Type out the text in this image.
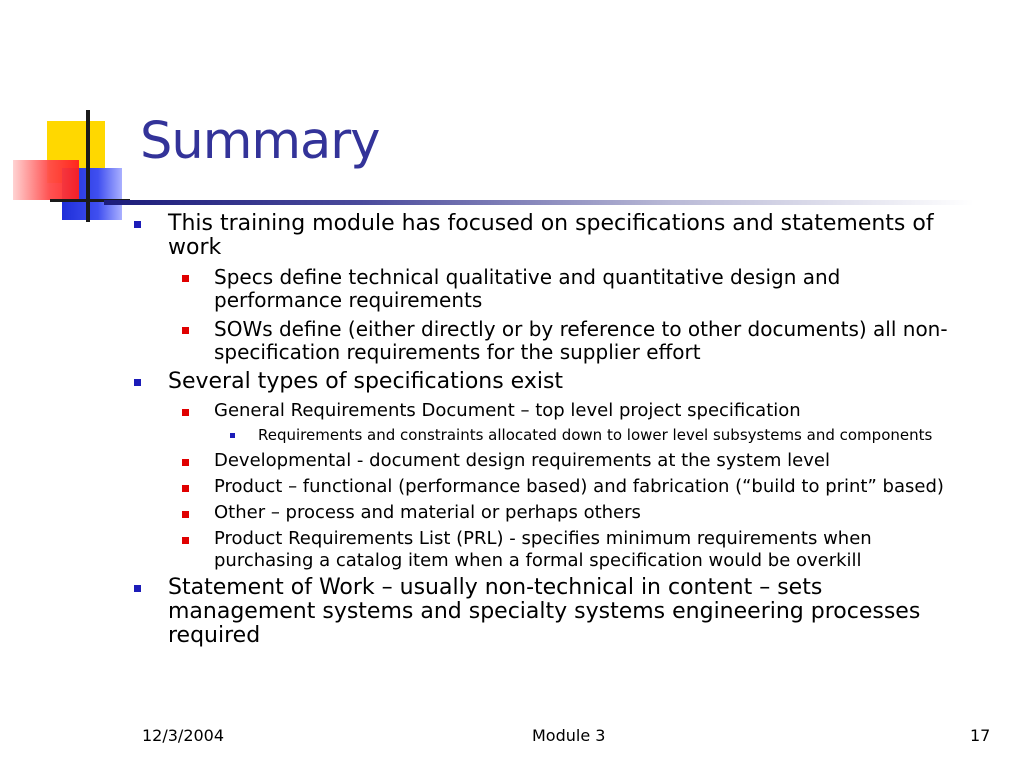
Summary
This training module has focused on specifications and statements of work
Specs define technical qualitative and quantitative design and performance requirements
SOWs define (either directly or by reference to other documents) all non-specification requirements for the supplier effort
Several types of specifications exist
General Requirements Document – top level project specification
Requirements and constraints allocated down to lower level subsystems and components
Developmental - document design requirements at the system level
Product – functional (performance based) and fabrication (“build to print” based)
Other – process and material or perhaps others
Product Requirements List (PRL) - specifies minimum requirements when purchasing a catalog item when a formal specification would be overkill
Statement of Work – usually non-technical in content – sets management systems and specialty systems engineering processes required
12/3/2004	Module 3	17
